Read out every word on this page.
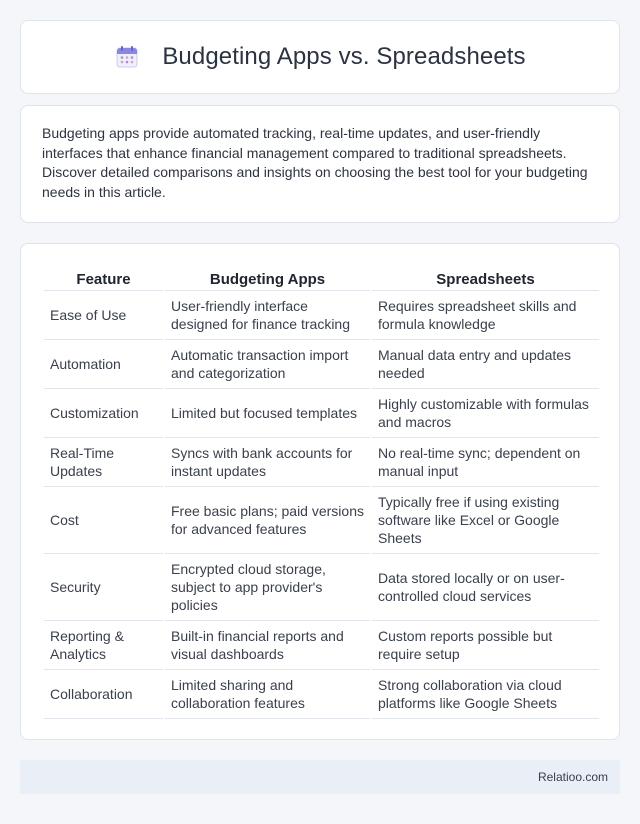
Budgeting Apps vs. Spreadsheets

Budgeting apps provide automated tracking, real-time updates, and user-friendly interfaces that enhance financial management compared to traditional spreadsheets. Discover detailed comparisons and insights on choosing the best tool for your budgeting needs in this article.

Feature	Budgeting Apps	Spreadsheets
Ease of Use	User-friendly interface designed for finance tracking	Requires spreadsheet skills and formula knowledge
Automation	Automatic transaction import and categorization	Manual data entry and updates needed
Customization	Limited but focused templates	Highly customizable with formulas and macros
Real-Time Updates	Syncs with bank accounts for instant updates	No real-time sync; dependent on manual input
Cost	Free basic plans; paid versions for advanced features	Typically free if using existing software like Excel or Google Sheets
Security	Encrypted cloud storage, subject to app provider's policies	Data stored locally or on user-controlled cloud services
Reporting & Analytics	Built-in financial reports and visual dashboards	Custom reports possible but require setup
Collaboration	Limited sharing and collaboration features	Strong collaboration via cloud platforms like Google Sheets
Relatioo.com
